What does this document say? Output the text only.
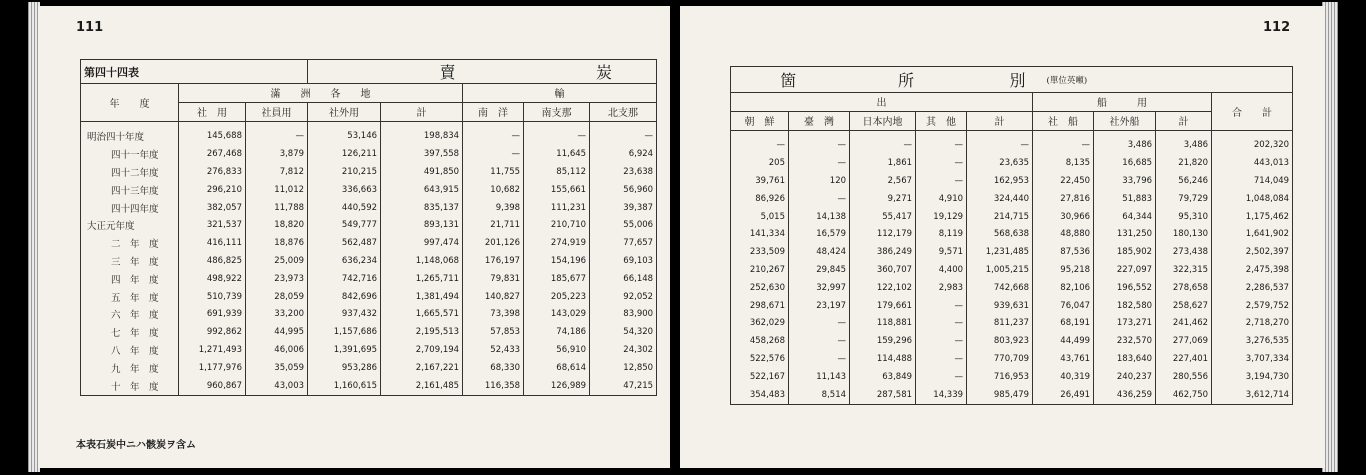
111
第四十四表			賣		炭		
年　　度	滿　　洲　　各　　地				輸		
	社　用	社員用	社外用	計	南　洋	南支那	北支那
明治四十年度	145,688	—	53,146	198,834	—	—	—
四十一年度	267,468	3,879	126,211	397,558	—	11,645	6,924
四十二年度	276,833	7,812	210,215	491,850	11,755	85,112	23,638
四十三年度	296,210	11,012	336,663	643,915	10,682	155,661	56,960
四十四年度	382,057	11,788	440,592	835,137	9,398	111,231	39,387
大正元年度	321,537	18,820	549,777	893,131	21,711	210,710	55,006
二　年　度	416,111	18,876	562,487	997,474	201,126	274,919	77,657
三　年　度	486,825	25,009	636,234	1,148,068	176,197	154,196	69,103
四　年　度	498,922	23,973	742,716	1,265,711	79,831	185,677	66,148
五　年　度	510,739	28,059	842,696	1,381,494	140,827	205,223	92,052
六　年　度	691,939	33,200	937,432	1,665,571	73,398	143,029	83,900
七　年　度	992,862	44,995	1,157,686	2,195,513	57,853	74,186	54,320
八　年　度	1,271,493	46,006	1,391,695	2,709,194	52,433	56,910	24,302
九　年　度	1,177,976	35,059	953,286	2,167,221	68,330	68,614	12,850
十　年　度	960,867	43,003	1,160,615	2,161,485	116,358	126,989	47,215
本表石炭中ニハ骸炭ヲ含ム
112
箇		所		別	(單位英噸)			
出					船　　　用			合　　計
朝　鮮	臺　灣	日本内地	其　他	計	社　船	社外船	計	
—	—	—	—	—	—	3,486	3,486	202,320
205	—	1,861	—	23,635	8,135	16,685	21,820	443,013
39,761	120	2,567	—	162,953	22,450	33,796	56,246	714,049
86,926	—	9,271	4,910	324,440	27,816	51,883	79,729	1,048,084
5,015	14,138	55,417	19,129	214,715	30,966	64,344	95,310	1,175,462
141,334	16,579	112,179	8,119	568,638	48,880	131,250	180,130	1,641,902
233,509	48,424	386,249	9,571	1,231,485	87,536	185,902	273,438	2,502,397
210,267	29,845	360,707	4,400	1,005,215	95,218	227,097	322,315	2,475,398
252,630	32,997	122,102	2,983	742,668	82,106	196,552	278,658	2,286,537
298,671	23,197	179,661	—	939,631	76,047	182,580	258,627	2,579,752
362,029	—	118,881	—	811,237	68,191	173,271	241,462	2,718,270
458,268	—	159,296	—	803,923	44,499	232,570	277,069	3,276,535
522,576	—	114,488	—	770,709	43,761	183,640	227,401	3,707,334
522,167	11,143	63,849	—	716,953	40,319	240,237	280,556	3,194,730
354,483	8,514	287,581	14,339	985,479	26,491	436,259	462,750	3,612,714
